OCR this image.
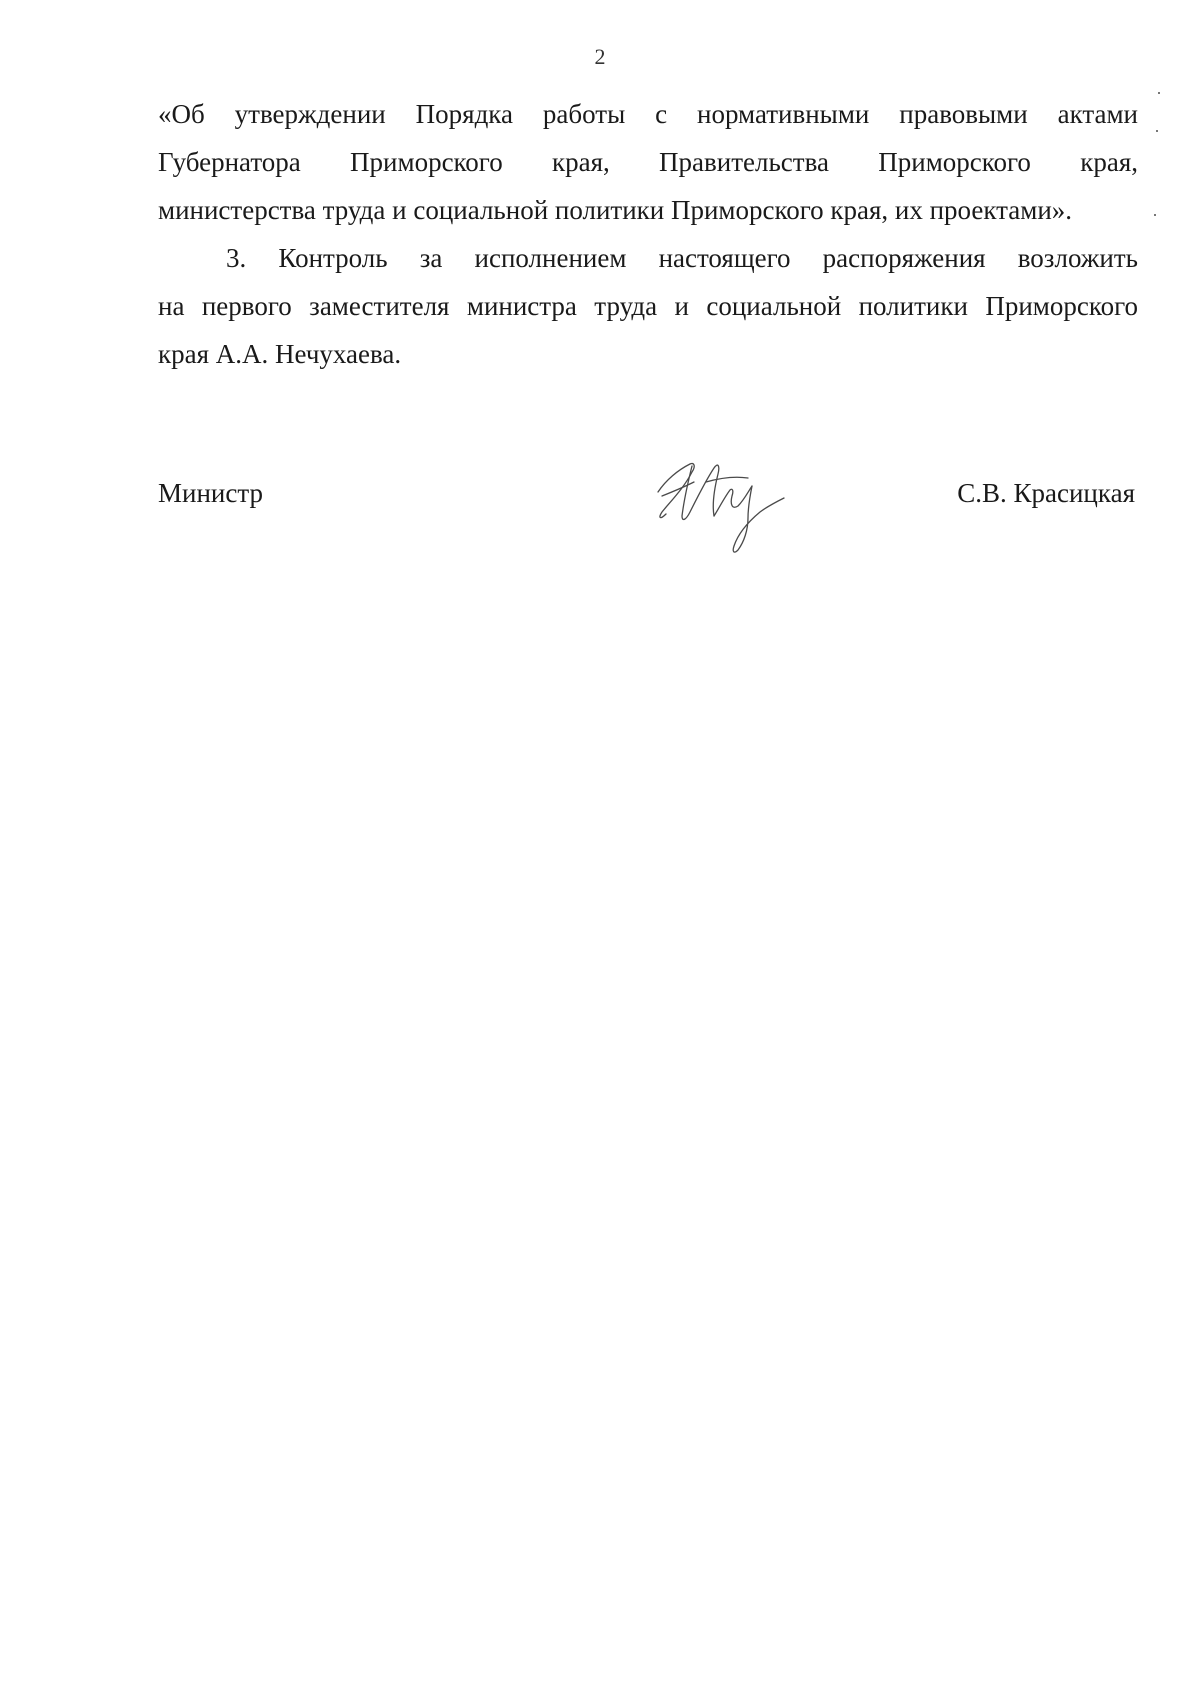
2
«Об утверждении Порядка работы с нормативными правовыми актами
Губернатора Приморского края, Правительства Приморского края,
министерства труда и социальной политики Приморского края, их проектами».
3. Контроль за исполнением настоящего распоряжения возложить
на первого заместителя министра труда и социальной политики Приморского
края А.А. Нечухаева.
Министр	С.В. Красицкая
